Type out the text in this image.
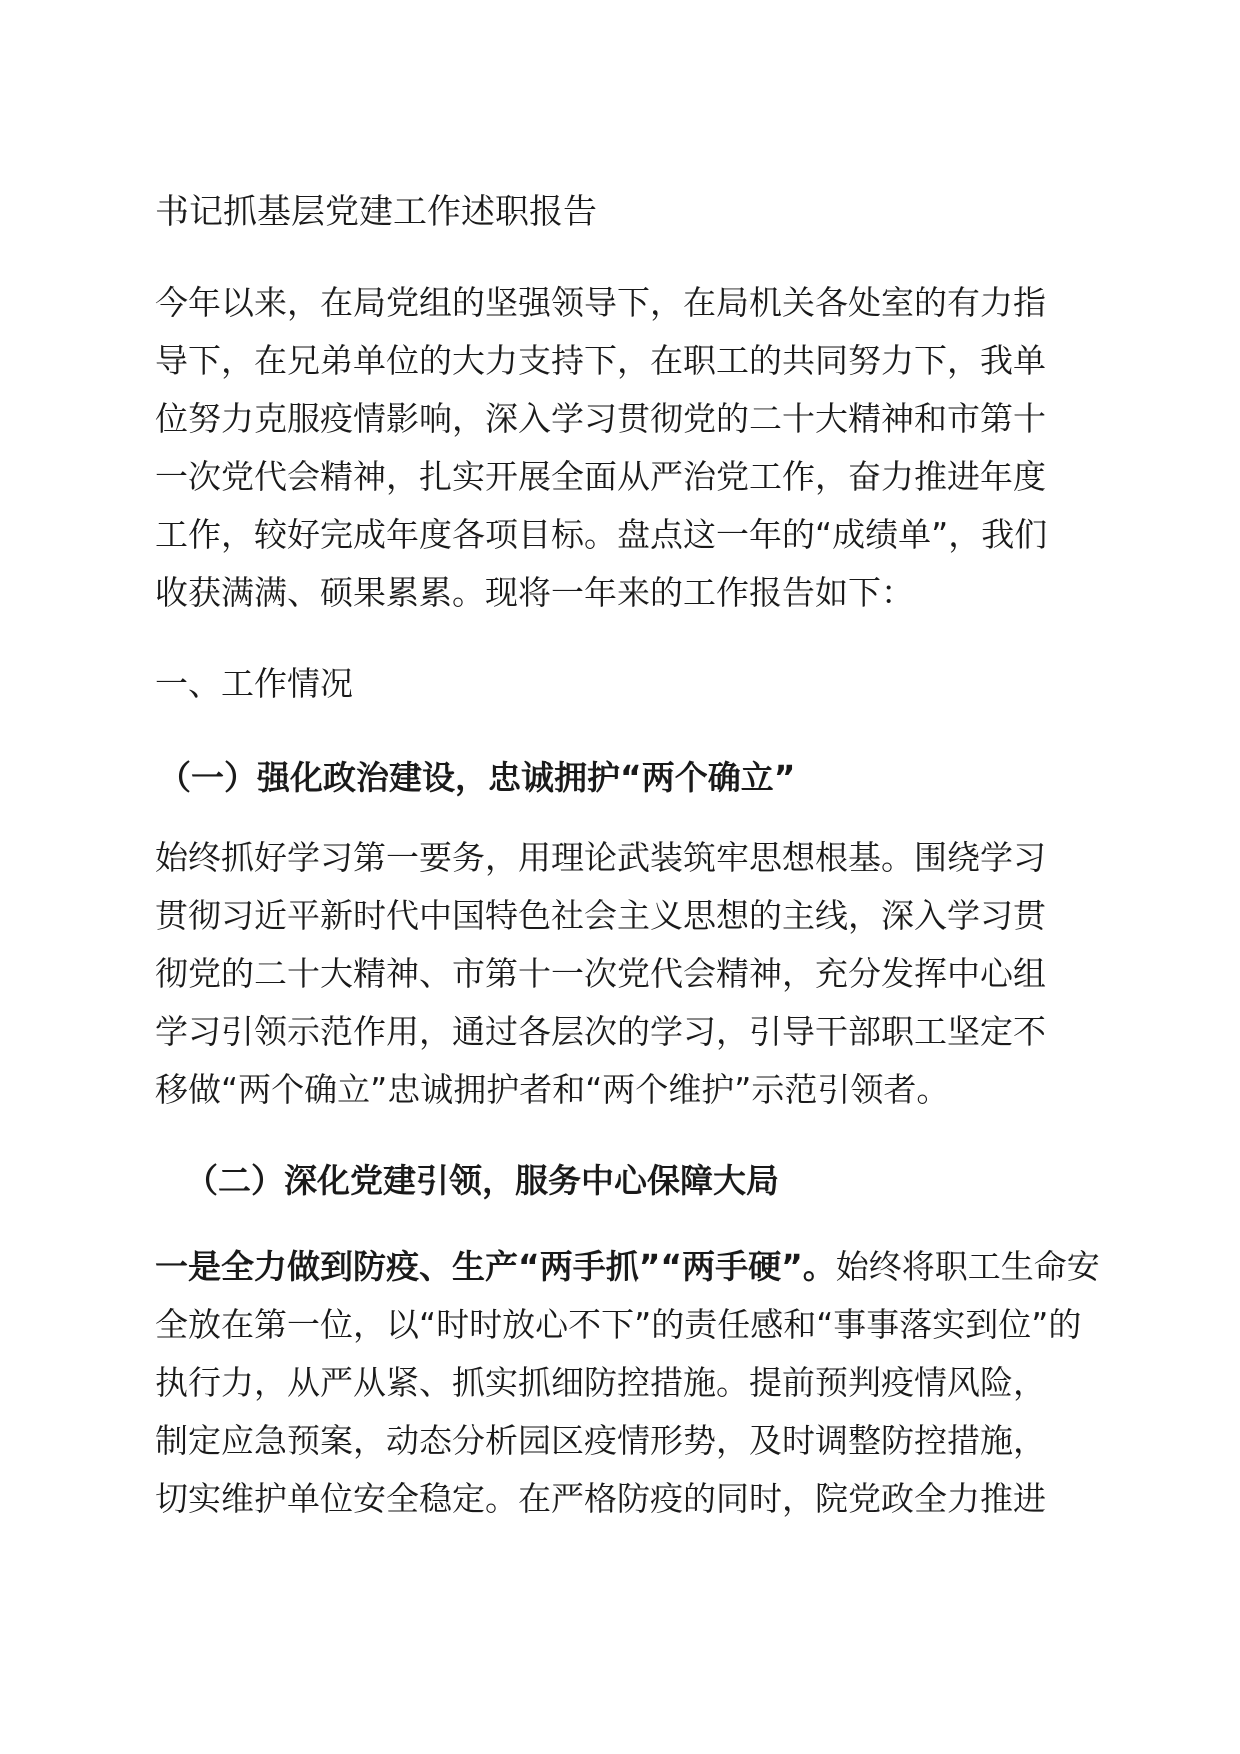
书记抓基层党建工作述职报告
今年以来，在局党组的坚强领导下，在局机关各处室的有力指
导下，在兄弟单位的大力支持下，在职工的共同努力下，我单
位努力克服疫情影响，深入学习贯彻党的二十大精神和市第十
一次党代会精神，扎实开展全面从严治党工作，奋力推进年度
工作，较好完成年度各项目标。盘点这一年的“成绩单”，我们
收获满满、硕果累累。现将一年来的工作报告如下：
一、工作情况
（一）强化政治建设，忠诚拥护“两个确立”
始终抓好学习第一要务，用理论武装筑牢思想根基。围绕学习
贯彻习近平新时代中国特色社会主义思想的主线，深入学习贯
彻党的二十大精神、市第十一次党代会精神，充分发挥中心组
学习引领示范作用，通过各层次的学习，引导干部职工坚定不
移做“两个确立”忠诚拥护者和“两个维护”示范引领者。
（二）深化党建引领，服务中心保障大局
一是全力做到防疫、生产“两手抓”“两手硬”。始终将职工生命安
全放在第一位，以“时时放心不下”的责任感和“事事落实到位”的
执行力，从严从紧、抓实抓细防控措施。提前预判疫情风险，
制定应急预案，动态分析园区疫情形势，及时调整防控措施，
切实维护单位安全稳定。在严格防疫的同时，院党政全力推进
